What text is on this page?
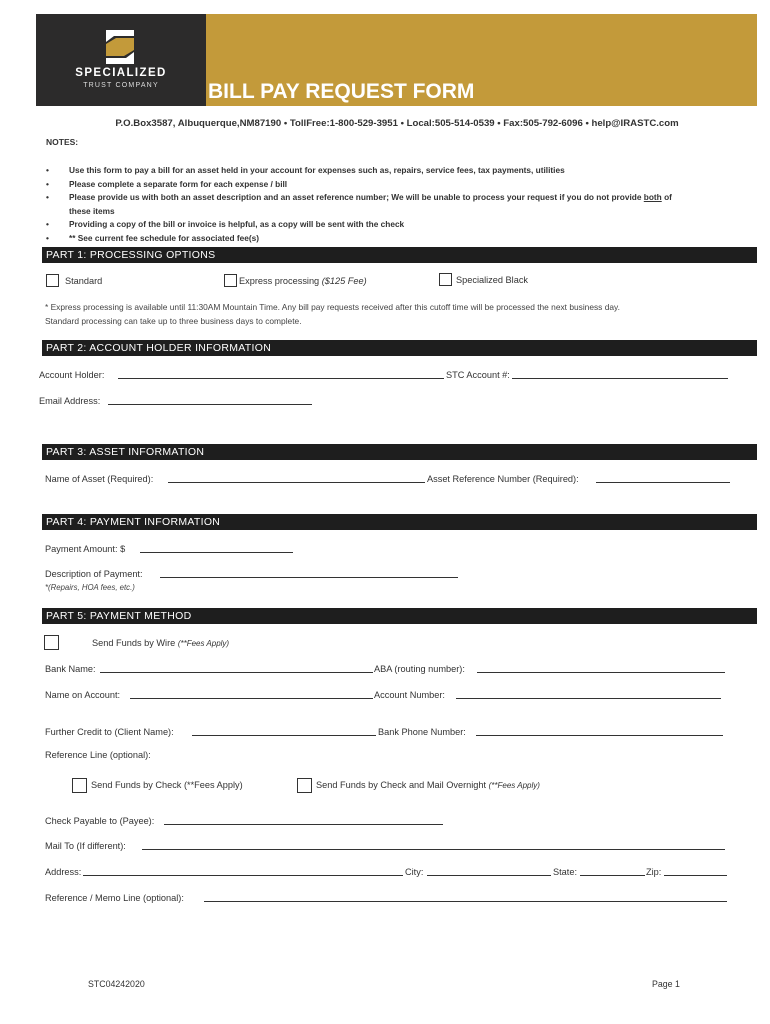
SPECIALIZED
TRUST COMPANY	BILL PAY REQUEST FORM
P.O.Box3587, Albuquerque,NM87190 • TollFree:1-800-529-3951 • Local:505-514-0539 • Fax:505-792-6096 • help@IRASTC.com
NOTES:
• Use this form to pay a bill for an asset held in your account for expenses such as, repairs, service fees, tax payments, utilities
• Please complete a separate form for each expense / bill
• Please provide us with both an asset description and an asset reference number; We will be unable to process your request if you do not provide both of
these items
• Providing a copy of the bill or invoice is helpful, as a copy will be sent with the check
• ** See current fee schedule for associated fee(s)
PART 1: PROCESSING OPTIONS
Standard	Express processing ($125 Fee)	Specialized Black
* Express processing is available until 11:30AM Mountain Time. Any bill pay requests received after this cutoff time will be processed the next business day.
Standard processing can take up to three business days to complete.
PART 2: ACCOUNT HOLDER INFORMATION
Account Holder:	STC Account #:
Email Address:
PART 3: ASSET INFORMATION
Name of Asset (Required):	Asset Reference Number (Required):
PART 4: PAYMENT INFORMATION
Payment Amount: $
Description of Payment:
*(Repairs, HOA fees, etc.)
PART 5: PAYMENT METHOD
Send Funds by Wire (**Fees Apply)
Bank Name:	ABA (routing number):
Name on Account:	Account Number:
Further Credit to (Client Name):	Bank Phone Number:
Reference Line (optional):
Send Funds by Check (**Fees Apply)	Send Funds by Check and Mail Overnight (**Fees Apply)
Check Payable to (Payee):
Mail To (If different):
Address:	City:	State:	Zip:
Reference / Memo Line (optional):
STC04242020	Page 1
